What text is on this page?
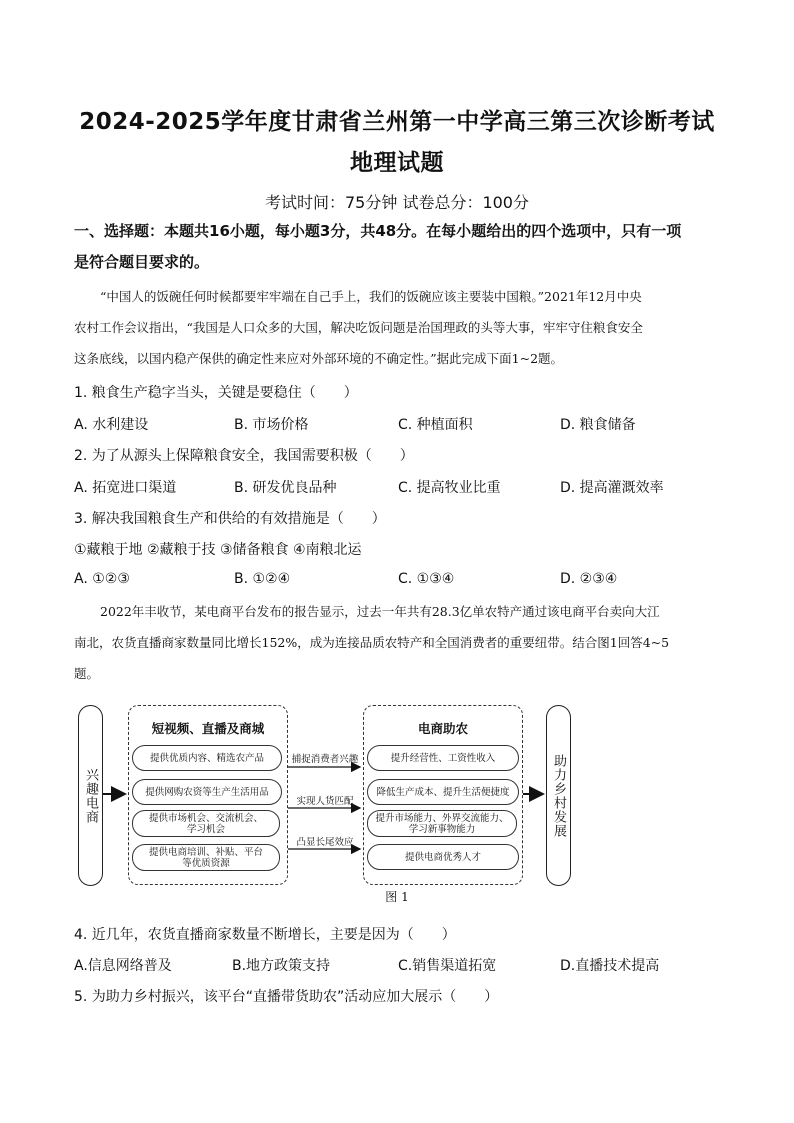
2024-2025学年度甘肃省兰州第一中学高三第三次诊断考试
地理试题
考试时间：75分钟 试卷总分：100分
一、选择题：本题共16小题，每小题3分，共48分。在每小题给出的四个选项中，只有一项
是符合题目要求的。
“中国人的饭碗任何时候都要牢牢端在自己手上，我们的饭碗应该主要装中国粮。”2021年12月中央
农村工作会议指出，“我国是人口众多的大国，解决吃饭问题是治国理政的头等大事，牢牢守住粮食安全
这条底线，以国内稳产保供的确定性来应对外部环境的不确定性。”据此完成下面1~2题。
1. 粮食生产稳字当头，关键是要稳住（　　）
A. 水利建设	B. 市场价格	C. 种植面积	D. 粮食储备
2. 为了从源头上保障粮食安全，我国需要积极（　　）
A. 拓宽进口渠道	B. 研发优良品种	C. 提高牧业比重	D. 提高灌溉效率
3. 解决我国粮食生产和供给的有效措施是（　　）
①藏粮于地 ②藏粮于技 ③储备粮食 ④南粮北运
A. ①②③	B. ①②④	C. ①③④	D. ②③④
2022年丰收节，某电商平台发布的报告显示，过去一年共有28.3亿单农特产通过该电商平台卖向大江
南北，农货直播商家数量同比增长152%，成为连接品质农特产和全国消费者的重要纽带。结合图1回答4~5
题。
兴趣电商	助力乡村发展
短视频、直播及商城
提供优质内容、精选农产品
提供网购农资等生产生活用品
提供市场机会、交流机会、学习机会
提供电商培训、补贴、平台等优质资源
电商助农
提升经营性、工资性收入
降低生产成本、提升生活便捷度
提升市场能力、外界交流能力、学习新事物能力
提供电商优秀人才
捕捉消费者兴趣
实现人货匹配
凸显长尾效应
图 1
4. 近几年，农货直播商家数量不断增长，主要是因为（　　）
A.信息网络普及	B.地方政策支持	C.销售渠道拓宽	D.直播技术提高
5. 为助力乡村振兴，该平台“直播带货助农”活动应加大展示（　　）
